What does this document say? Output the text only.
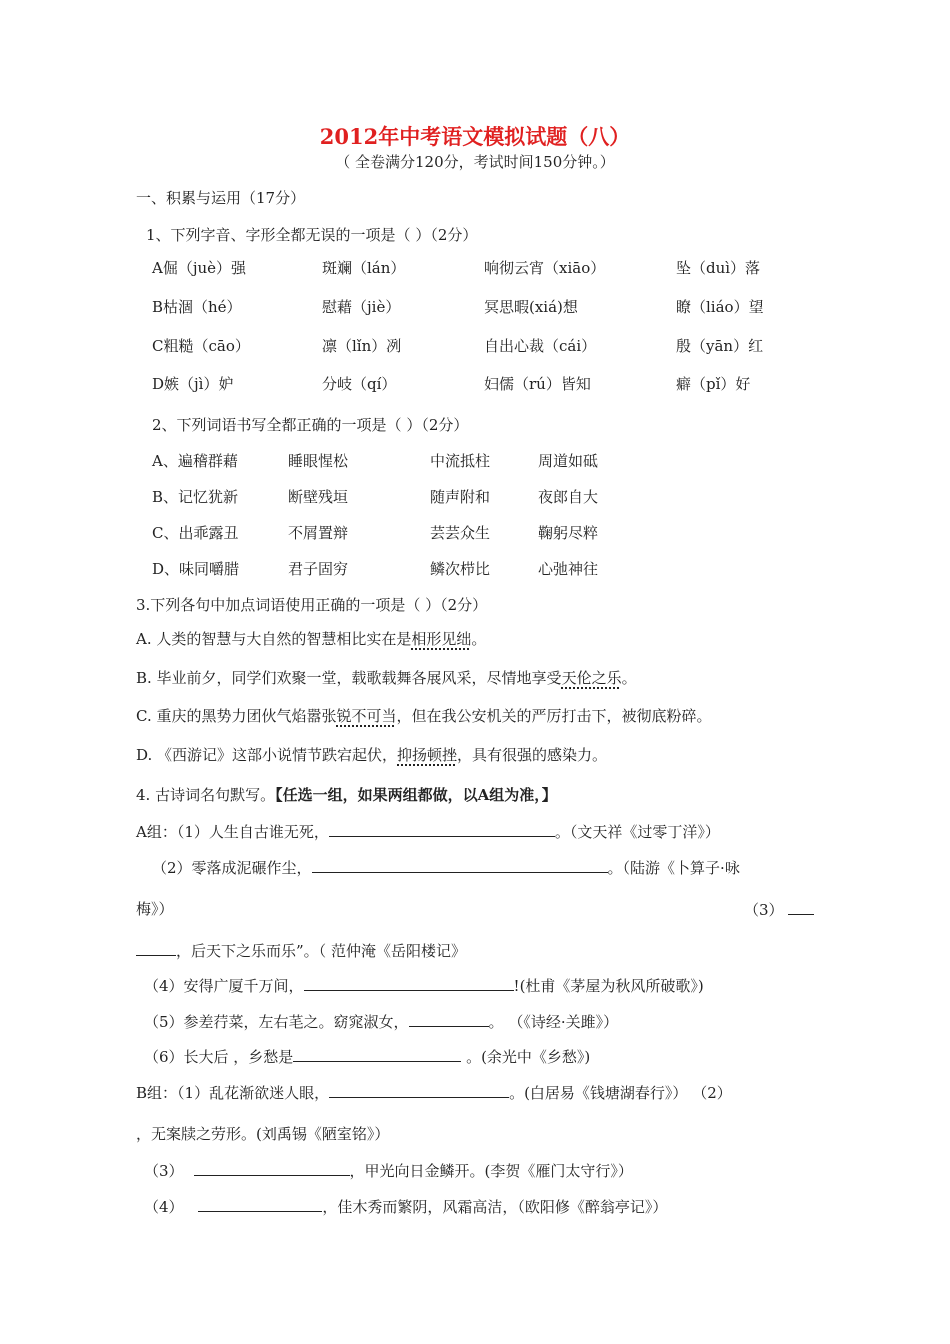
2012年中考语文模拟试题（八）
（ 全卷满分120分，考试时间150分钟。）
一、积累与运用（17分）
1、下列字音、字形全都无误的一项是（ ）（2分）
A倔（juè）强	斑斓（lán）	响彻云宵（xiāo）	坠（duì）落
B枯涸（hé）	慰藉（jiè）	冥思暇(xiá)想	瞭（liáo）望
C粗糙（cāo）	凛（lǐn）冽	自出心裁（cái）	殷（yān）红
D嫉（jì）妒	分岐（qí）	妇儒（rú）皆知	癖（pǐ）好
2、下列词语书写全都正确的一项是（ ）（2分）
A、遍稽群藉	睡眼惺松	中流抵柱	周道如砥
B、记忆犹新	断壁残垣	随声附和	夜郎自大
C、出乖露丑	不屑置辩	芸芸众生	鞠躬尽粹
D、味同嚼腊	君子固穷	鳞次栉比	心弛神往
3.下列各句中加点词语使用正确的一项是（ ）（2分）
A. 人类的智慧与大自然的智慧相比实在是相形见绌。
B. 毕业前夕，同学们欢聚一堂，载歌载舞各展风采，尽情地享受天伦之乐。
C. 重庆的黑势力团伙气焰嚣张锐不可当，但在我公安机关的严厉打击下，被彻底粉碎。
D. 《西游记》这部小说情节跌宕起伏，抑扬顿挫，具有很强的感染力。
4. 古诗词名句默写。【任选一组，如果两组都做，以A组为准，】
A组：（1）人生自古谁无死，	。（文天祥《过零丁洋》）
（2）零落成泥碾作尘，	。（陆游《卜算子·咏
梅》）	（3）
，后天下之乐而乐”。（ 范仲淹《岳阳楼记》
（4）安得广厦千万间，	!(杜甫《茅屋为秋风所破歌》)
（5）参差荇菜，左右芼之。窈窕淑女，	。 （《诗经·关雎》）
（6）长大后 ，乡愁是	。(余光中《乡愁》)
B组：（1）乱花渐欲迷人眼，	。(白居易《钱塘湖春行》） （2）
，无案牍之劳形。(刘禹锡《陋室铭》）
（3）	，甲光向日金鳞开。(李贺《雁门太守行》）
（4）	，佳木秀而繁阴，风霜高洁，（欧阳修《醉翁亭记》）
